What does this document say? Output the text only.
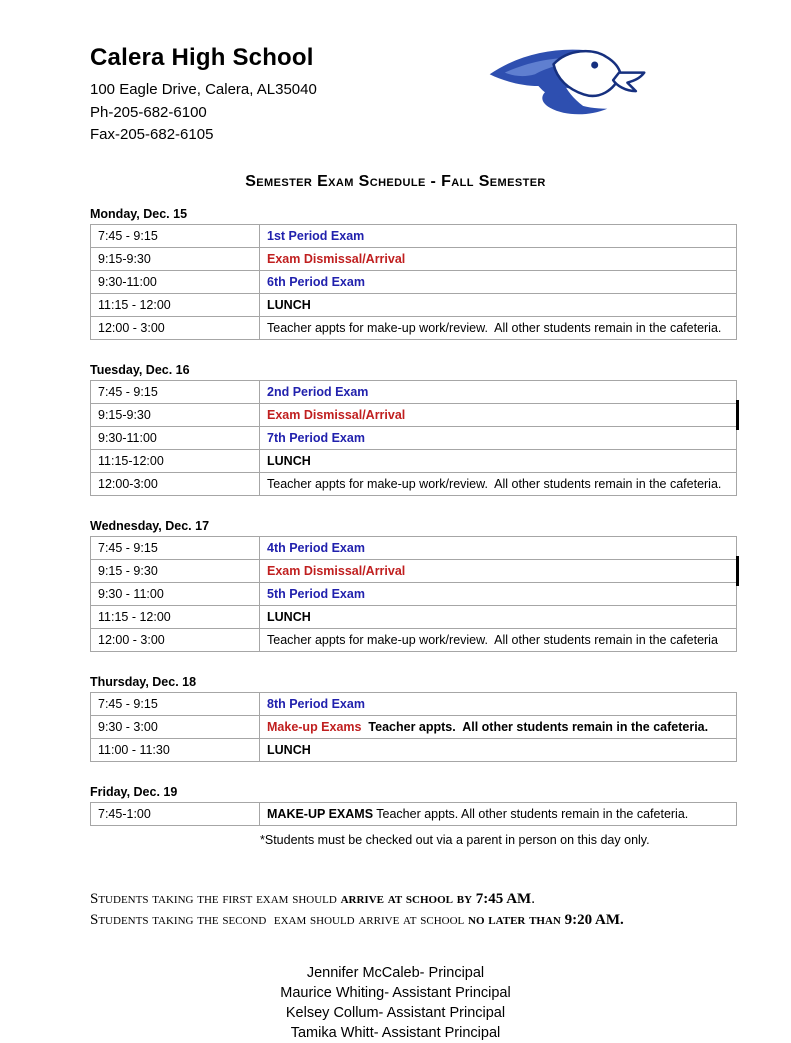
Calera High School
100 Eagle Drive, Calera, AL35040
Ph-205-682-6100
Fax-205-682-6105
Semester Exam Schedule - Fall Semester
Monday, Dec. 15
7:45 - 9:15	1st Period Exam
9:15-9:30	Exam Dismissal/Arrival
9:30-11:00	6th Period Exam
11:15 - 12:00	LUNCH
12:00 - 3:00	Teacher appts for make-up work/review.  All other students remain in the cafeteria.
Tuesday, Dec. 16
7:45 - 9:15	2nd Period Exam
9:15-9:30	Exam Dismissal/Arrival

9:30-11:00	7th Period Exam
11:15-12:00	LUNCH
12:00-3:00	Teacher appts for make-up work/review.  All other students remain in the cafeteria.
Wednesday, Dec. 17
7:45 - 9:15	4th Period Exam
9:15 - 9:30	Exam Dismissal/Arrival

9:30 - 11:00	5th Period Exam
11:15 - 12:00	LUNCH
12:00 - 3:00	Teacher appts for make-up work/review.  All other students remain in the cafeteria
Thursday, Dec. 18
7:45 - 9:15	8th Period Exam
9:30 - 3:00	Make-up Exams  Teacher appts.  All other students remain in the cafeteria.
11:00 - 11:30	LUNCH
Friday, Dec. 19
7:45-1:00	MAKE-UP EXAMS Teacher appts. All other students remain in the cafeteria.
*Students must be checked out via a parent in person on this day only.
Students taking the first exam should arrive at school by 7:45 AM.
Students taking the second  exam should arrive at school no later than 9:20 AM.
Jennifer McCaleb- Principal
Maurice Whiting- Assistant Principal
Kelsey Collum- Assistant Principal
Tamika Whitt- Assistant Principal
